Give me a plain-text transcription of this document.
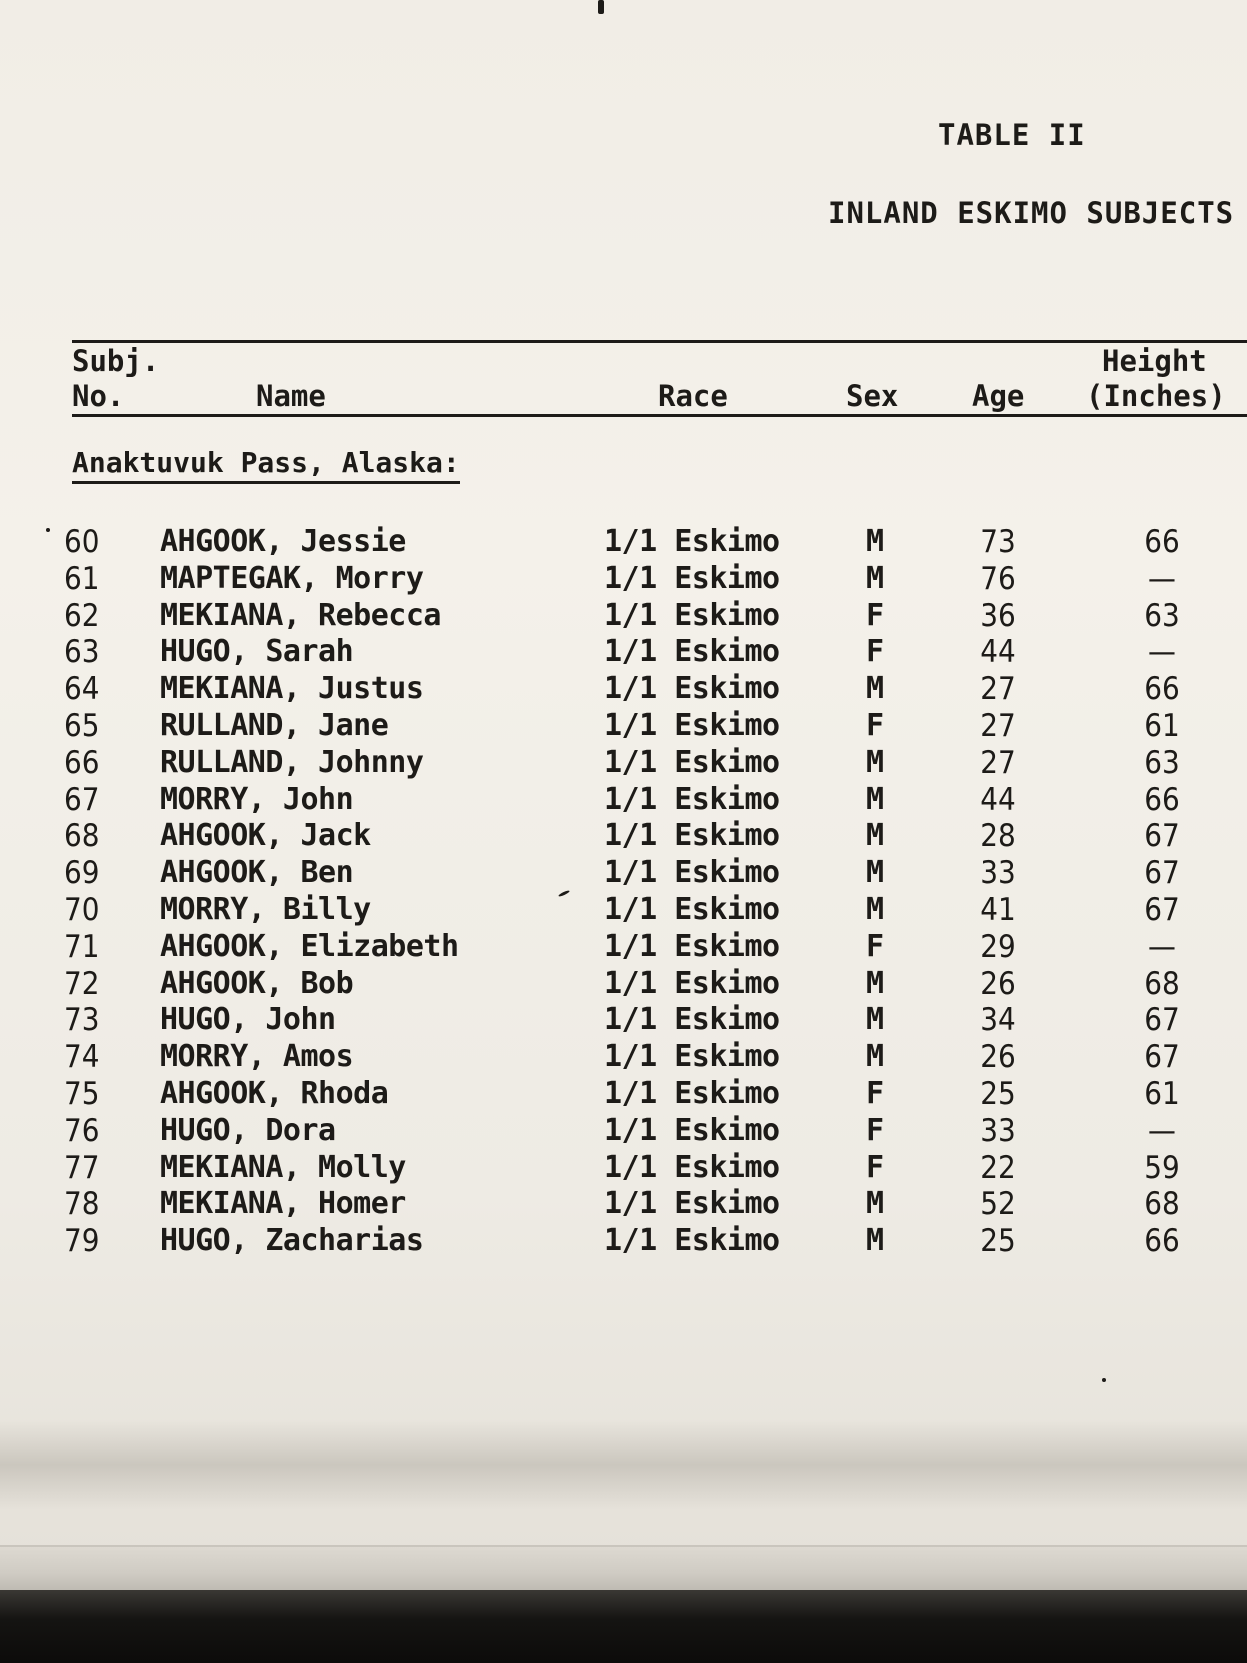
TABLE II
INLAND ESKIMO SUBJECTS
Subj.
No.	Name	Race	Sex	Age
Height
(Inches)
Anaktuvuk Pass, Alaska:
60	AHGOOK, Jessie	1/1 Eskimo	M	73	66
61	MAPTEGAK, Morry	1/1 Eskimo	M	76	—
62	MEKIANA, Rebecca	1/1 Eskimo	F	36	63
63	HUGO, Sarah	1/1 Eskimo	F	44	—
64	MEKIANA, Justus	1/1 Eskimo	M	27	66
65	RULLAND, Jane	1/1 Eskimo	F	27	61
66	RULLAND, Johnny	1/1 Eskimo	M	27	63
67	MORRY, John	1/1 Eskimo	M	44	66
68	AHGOOK, Jack	1/1 Eskimo	M	28	67
69	AHGOOK, Ben	1/1 Eskimo	M	33	67
70	MORRY, Billy	1/1 Eskimo	M	41	67
71	AHGOOK, Elizabeth	1/1 Eskimo	F	29	—
72	AHGOOK, Bob	1/1 Eskimo	M	26	68
73	HUGO, John	1/1 Eskimo	M	34	67
74	MORRY, Amos	1/1 Eskimo	M	26	67
75	AHGOOK, Rhoda	1/1 Eskimo	F	25	61
76	HUGO, Dora	1/1 Eskimo	F	33	—
77	MEKIANA, Molly	1/1 Eskimo	F	22	59
78	MEKIANA, Homer	1/1 Eskimo	M	52	68
79	HUGO, Zacharias	1/1 Eskimo	M	25	66
